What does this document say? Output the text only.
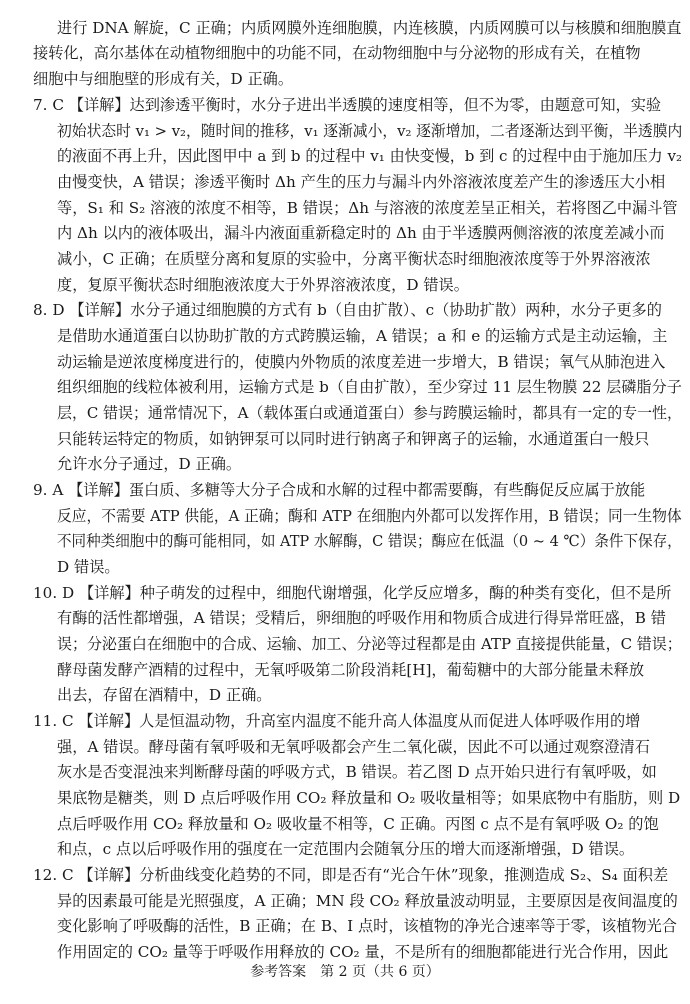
进行 DNA 解旋，C 正确；内质网膜外连细胞膜，内连核膜，内质网膜可以与核膜和细胞膜直
接转化，高尔基体在动植物细胞中的功能不同，在动物细胞中与分泌物的形成有关，在植物
细胞中与细胞壁的形成有关，D 正确。
7. C 【详解】达到渗透平衡时，水分子进出半透膜的速度相等，但不为零，由题意可知，实验
初始状态时 v₁ > v₂，随时间的推移，v₁ 逐渐减小，v₂ 逐渐增加，二者逐渐达到平衡，半透膜内
的液面不再上升，因此图甲中 a 到 b 的过程中 v₁ 由快变慢，b 到 c 的过程中由于施加压力 v₂
由慢变快，A 错误；渗透平衡时 Δh 产生的压力与漏斗内外溶液浓度差产生的渗透压大小相
等，S₁ 和 S₂ 溶液的浓度不相等，B 错误；Δh 与溶液的浓度差呈正相关，若将图乙中漏斗管
内 Δh 以内的液体吸出，漏斗内液面重新稳定时的 Δh 由于半透膜两侧溶液的浓度差减小而
减小，C 正确；在质壁分离和复原的实验中，分离平衡状态时细胞液浓度等于外界溶液浓
度，复原平衡状态时细胞液浓度大于外界溶液浓度，D 错误。
8. D 【详解】水分子通过细胞膜的方式有 b（自由扩散）、c（协助扩散）两种，水分子更多的
是借助水通道蛋白以协助扩散的方式跨膜运输，A 错误；a 和 e 的运输方式是主动运输，主
动运输是逆浓度梯度进行的，使膜内外物质的浓度差进一步增大，B 错误；氧气从肺泡进入
组织细胞的线粒体被利用，运输方式是 b（自由扩散），至少穿过 11 层生物膜 22 层磷脂分子
层，C 错误；通常情况下，A（载体蛋白或通道蛋白）参与跨膜运输时，都具有一定的专一性，
只能转运特定的物质，如钠钾泵可以同时进行钠离子和钾离子的运输，水通道蛋白一般只
允许水分子通过，D 正确。
9. A 【详解】蛋白质、多糖等大分子合成和水解的过程中都需要酶，有些酶促反应属于放能
反应，不需要 ATP 供能，A 正确；酶和 ATP 在细胞内外都可以发挥作用，B 错误；同一生物体
不同种类细胞中的酶可能相同，如 ATP 水解酶，C 错误；酶应在低温（0 ~ 4 ℃）条件下保存，
D 错误。
10. D 【详解】种子萌发的过程中，细胞代谢增强，化学反应增多，酶的种类有变化，但不是所
有酶的活性都增强，A 错误；受精后，卵细胞的呼吸作用和物质合成进行得异常旺盛，B 错
误；分泌蛋白在细胞中的合成、运输、加工、分泌等过程都是由 ATP 直接提供能量，C 错误；
酵母菌发酵产酒精的过程中，无氧呼吸第二阶段消耗[H]，葡萄糖中的大部分能量未释放
出去，存留在酒精中，D 正确。
11. C 【详解】人是恒温动物，升高室内温度不能升高人体温度从而促进人体呼吸作用的增
强，A 错误。酵母菌有氧呼吸和无氧呼吸都会产生二氧化碳，因此不可以通过观察澄清石
灰水是否变混浊来判断酵母菌的呼吸方式，B 错误。若乙图 D 点开始只进行有氧呼吸，如
果底物是糖类，则 D 点后呼吸作用 CO₂ 释放量和 O₂ 吸收量相等；如果底物中有脂肪，则 D
点后呼吸作用 CO₂ 释放量和 O₂ 吸收量不相等，C 正确。丙图 c 点不是有氧呼吸 O₂ 的饱
和点，c 点以后呼吸作用的强度在一定范围内会随氧分压的增大而逐渐增强，D 错误。
12. C 【详解】分析曲线变化趋势的不同，即是否有“光合午休”现象，推测造成 S₂、S₄ 面积差
异的因素最可能是光照强度，A 正确；MN 段 CO₂ 释放量波动明显，主要原因是夜间温度的
变化影响了呼吸酶的活性，B 正确；在 B、I 点时，该植物的净光合速率等于零，该植物光合
作用固定的 CO₂ 量等于呼吸作用释放的 CO₂ 量，不是所有的细胞都能进行光合作用，因此
参考答案　第 2 页（共 6 页）
